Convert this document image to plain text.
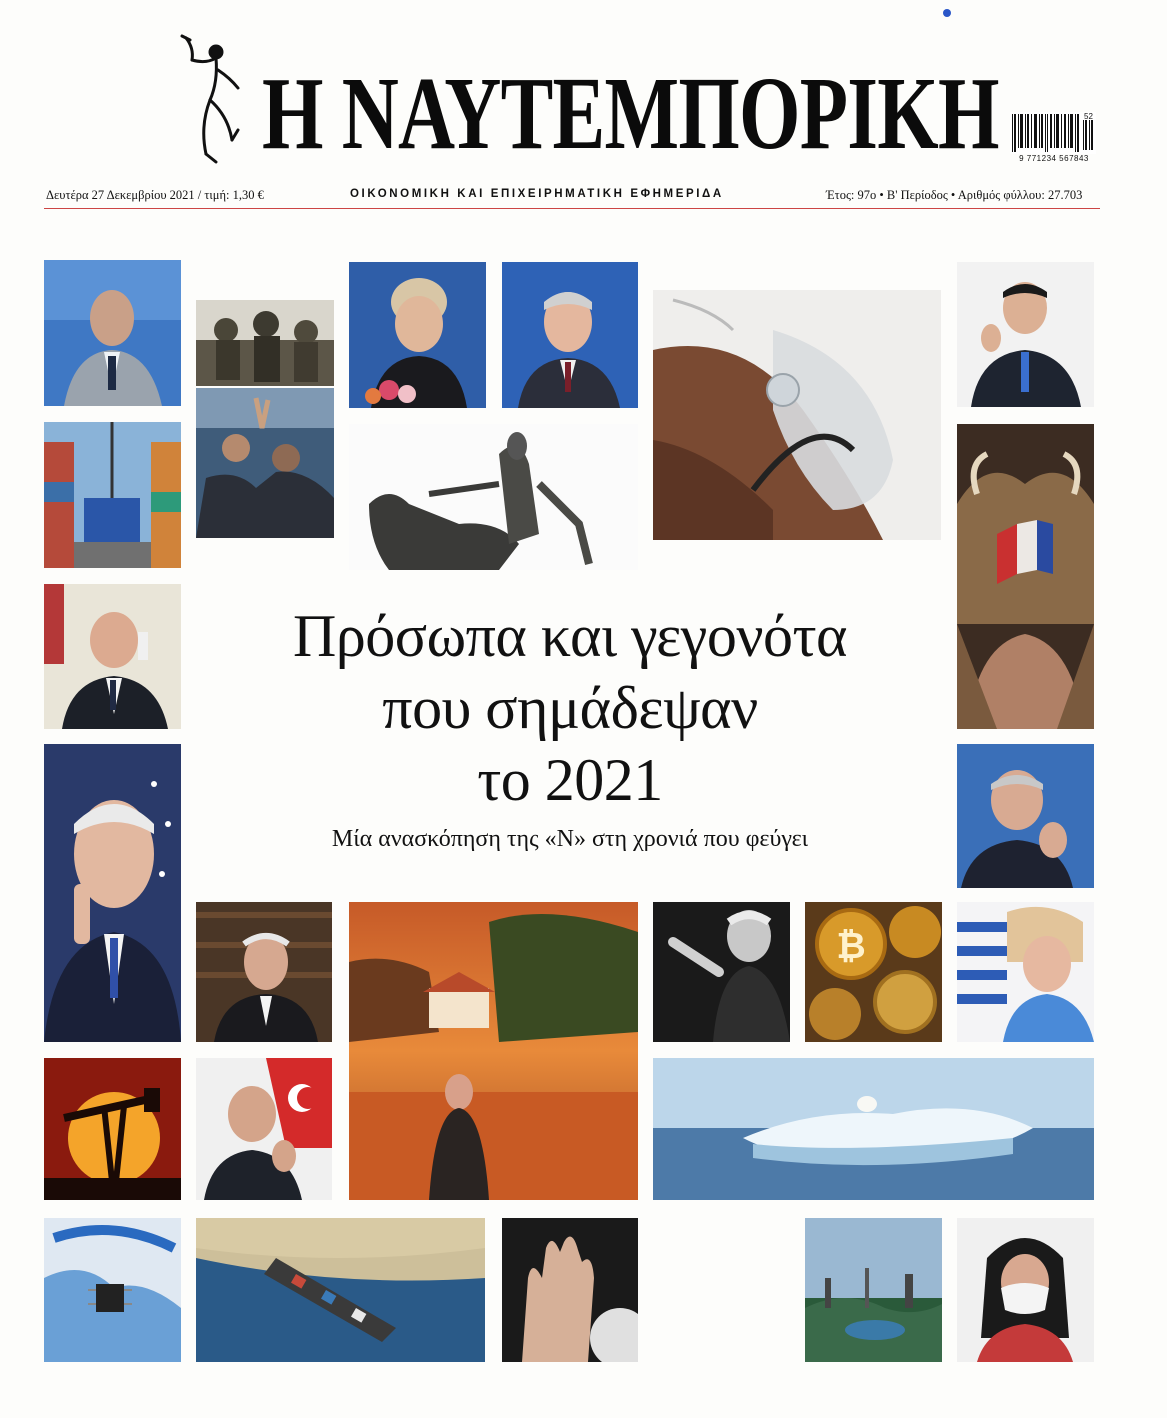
Η ΝΑΥΤΕΜΠΟΡΙΚΗ	9 771234 567843
52
Δευτέρα 27 Δεκεμβρίου 2021 / τιμή: 1,30 €	ΟΙΚΟΝΟΜΙΚΗ ΚΑΙ ΕΠΙΧΕΙΡΗΜΑΤΙΚΗ ΕΦΗΜΕΡΙΔΑ	Έτος: 97ο • Β' Περίοδος • Αριθμός φύλλου: 27.703
Πρόσωπα και γεγονότα
που σημάδεψαν
το 2021
Μία ανασκόπηση της «Ν» στη χρονιά που φεύγει
₿
